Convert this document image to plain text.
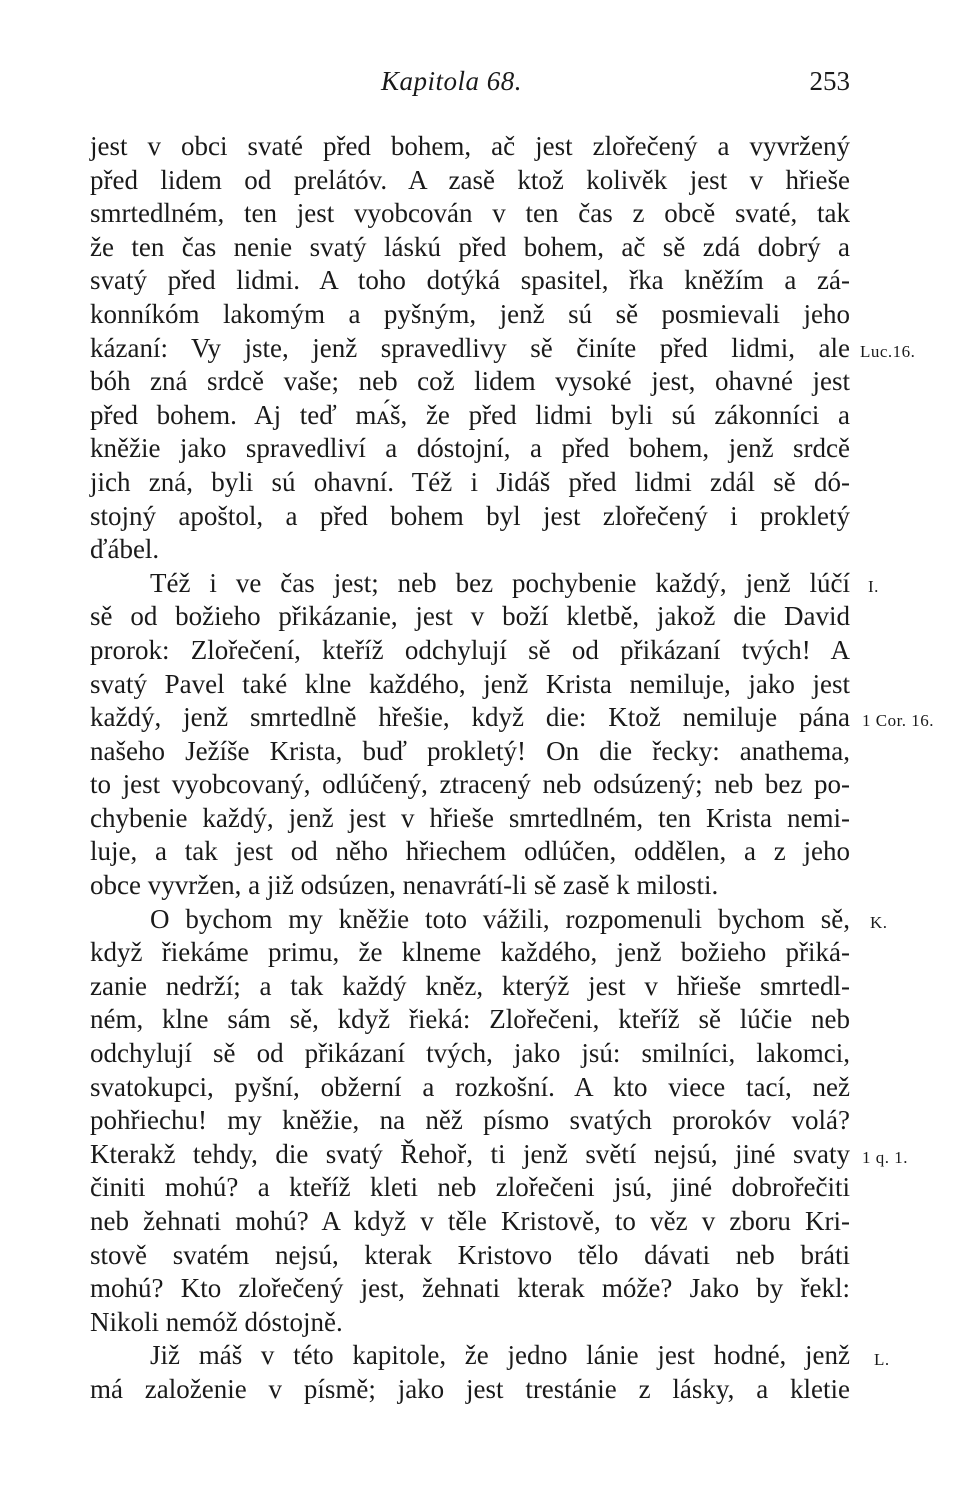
Kapitola 68.	253
jest v obci svaté před bohem, ač jest zlořečený a vyvržený
před lidem od prelátóv. A zasě ktož kolivěk jest v hřieše
smrtedlném, ten jest vyobcován v ten čas z obcě svaté, tak
že ten čas nenie svatý láskú před bohem, ač sě zdá dobrý a
svatý před lidmi. A toho dotýká spasitel, řka kněžím a zá-
konníkóm lakomým a pyšným, jenž sú sě posmievali jeho
kázaní: Vy jste, jenž spravedlivy sě činíte před lidmi, ale
bóh zná srdcě vaše; neb což lidem vysoké jest, ohavné jest
před bohem. Aj teď mᴀ́š, že před lidmi byli sú zákonníci a
kněžie jako spravedliví a dóstojní, a před bohem, jenž srdcě
jich zná, byli sú ohavní. Též i Jidáš před lidmi zdál sě dó-
stojný apoštol, a před bohem byl jest zlořečený i prokletý
ďábel.
Též i ve čas jest; neb bez pochybenie každý, jenž lúčí
sě od božieho přikázanie, jest v boží kletbě, jakož die David
prorok: Zlořečení, kteříž odchylují sě od přikázaní tvých! A
svatý Pavel také klne každého, jenž Krista nemiluje, jako jest
každý, jenž smrtedlně hřešie, když die: Ktož nemiluje pána
našeho Ježíše Krista, buď prokletý! On die řecky: anathema,
to jest vyobcovaný, odlúčený, ztracený neb odsúzený; neb bez po-
chybenie každý, jenž jest v hřieše smrtedlném, ten Krista nemi-
luje, a tak jest od něho hřiechem odlúčen, oddělen, a z jeho
obce vyvržen, a již odsúzen, nenavrátí-li sě zasě k milosti.
O bychom my kněžie toto vážili, rozpomenuli bychom sě,
když řiekáme primu, že klneme každého, jenž božieho přiká-
zanie nedrží; a tak každý kněz, kterýž jest v hřieše smrtedl-
ném, klne sám sě, když řieká: Zlořečeni, kteříž sě lúčie neb
odchylují sě od přikázaní tvých, jako jsú: smilníci, lakomci,
svatokupci, pyšní, obžerní a rozkošní. A kto viece tací, než
pohřiechu! my kněžie, na něž písmo svatých prorokóv volá?
Kterakž tehdy, die svatý Řehoř, ti jenž světí nejsú, jiné svaty
činiti mohú? a kteříž kleti neb zlořečeni jsú, jiné dobrořečiti
neb žehnati mohú? A když v těle Kristově, to věz v zboru Kri-
stově svatém nejsú, kterak Kristovo tělo dávati neb bráti
mohú? Kto zlořečený jest, žehnati kterak móže? Jako by řekl:
Nikoli nemóž dóstojně.
Již máš v této kapitole, že jedno lánie jest hodné, jenž
má založenie v písmě; jako jest trestánie z lásky, a kletie
Luc.16.
I.
1 Cor. 16.
K.
1 q. 1.
L.
